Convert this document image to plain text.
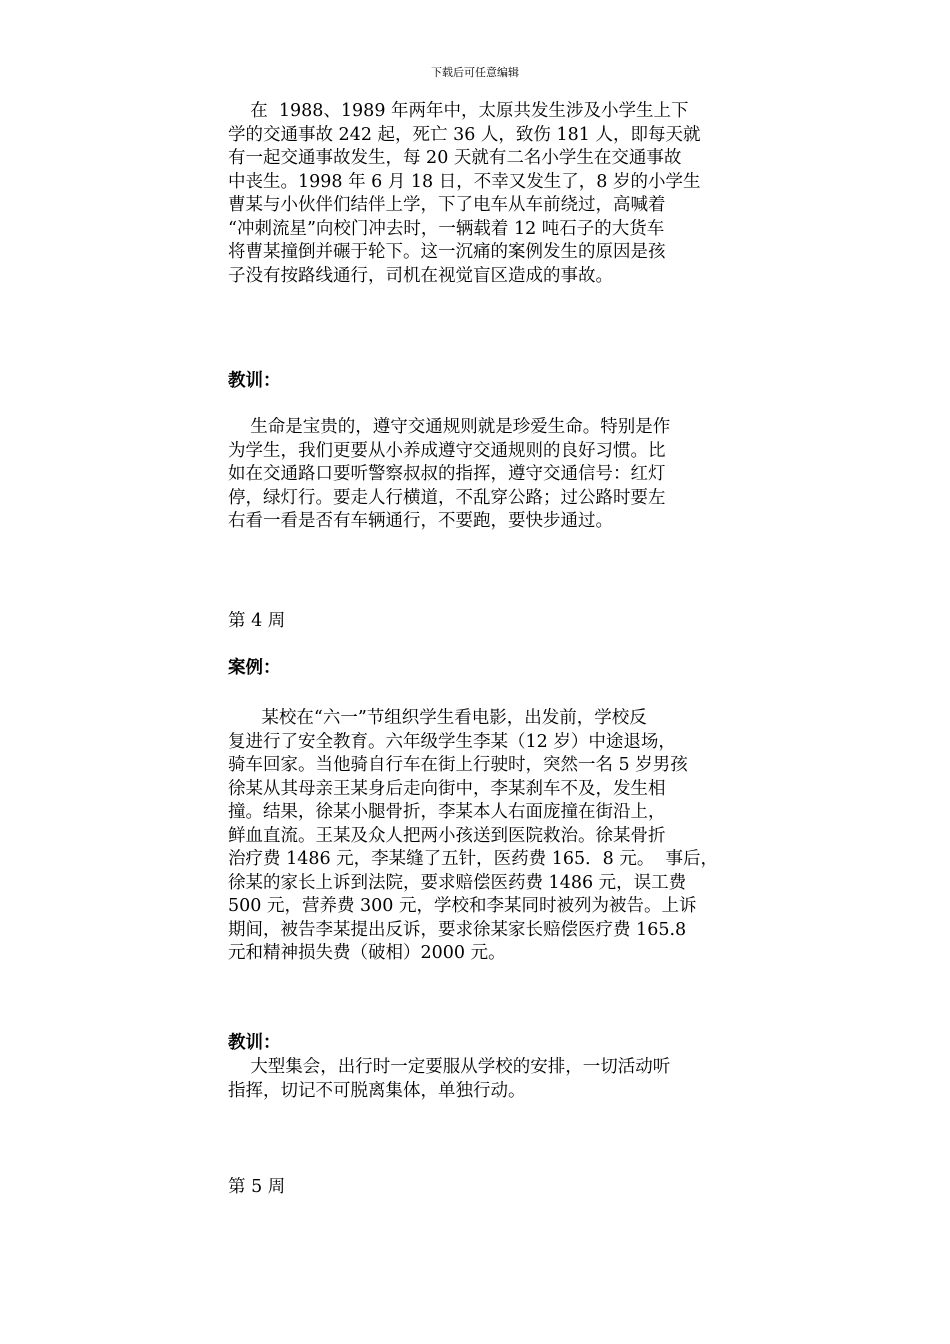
下载后可任意编辑

在  1988、1989 年两年中，太原共发生涉及小学生上下

学的交通事故 242 起，死亡 36 人，致伤 181 人，即每天就

有一起交通事故发生，每 20 天就有二名小学生在交通事故

中丧生。1998 年 6 月 18 日，不幸又发生了，8 岁的小学生

曹某与小伙伴们结伴上学，下了电车从车前绕过，高喊着

“冲刺流星”向校门冲去时，一辆载着 12 吨石子的大货车

将曹某撞倒并碾于轮下。这一沉痛的案例发生的原因是孩

子没有按路线通行，司机在视觉盲区造成的事故。

教训：

生命是宝贵的，遵守交通规则就是珍爱生命。特别是作

为学生，我们更要从小养成遵守交通规则的良好习惯。比

如在交通路口要听警察叔叔的指挥，遵守交通信号：红灯

停，绿灯行。要走人行横道，不乱穿公路；过公路时要左

右看一看是否有车辆通行，不要跑，要快步通过。

第 4 周
案例：

某校在“六一”节组织学生看电影，出发前，学校反

复进行了安全教育。六年级学生李某（12 岁）中途退场，

骑车回家。当他骑自行车在街上行驶时，突然一名 5 岁男孩

徐某从其母亲王某身后走向街中，李某刹车不及，发生相

撞。结果，徐某小腿骨折，李某本人右面庞撞在街沿上，

鲜血直流。王某及众人把两小孩送到医院救治。徐某骨折

治疗费 1486 元，李某缝了五针，医药费 165．8 元。  事后，

徐某的家长上诉到法院，要求赔偿医药费 1486 元，误工费

500 元，营养费 300 元，学校和李某同时被列为被告。上诉

期间，被告李某提出反诉，要求徐某家长赔偿医疗费 165.8

元和精神损失费（破相）2000 元。

教训：

大型集会，出行时一定要服从学校的安排，一切活动听

指挥，切记不可脱离集体，单独行动。

第 5 周
